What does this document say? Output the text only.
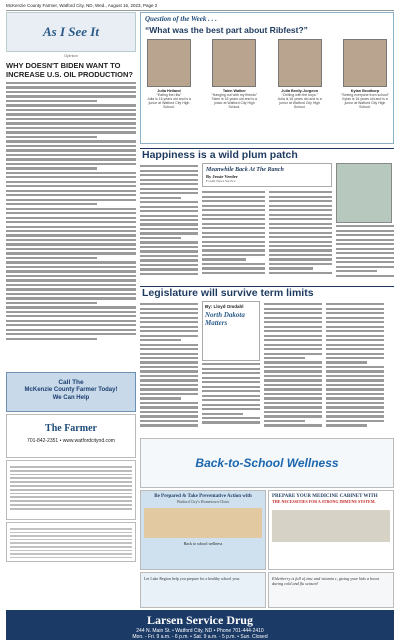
McKenzie County Farmer, Watford City, ND, Wed., August 16, 2023, Page 2
As I See It
Opinion
WHY DOESN'T BIDEN WANT TO INCREASE U.S. OIL PRODUCTION?
Call The
McKenzie County Farmer Today!
We Can Help
The Farmer
701-842-2351 • www.watfordcitynd.com
Question of the Week . . .
“What was the best part about Ribfest?”
Julia Heiland
“Eating the ribs”
Julia is 16 years old and is a junior at Watford City High School.
Talen Walker
“Hanging out with my friends”
Talen is 16 years old and is a junior at Watford City High School.
Julia Brolly-Jorgeon
“Chilling with the boys.”
Julia is 16 years old and is a junior at Watford City High School.
Kylan Brodkorp
“Seeing everyone from school”
Kylan is 16 years old and is a junior at Watford City High School.
Happiness is a wild plum patch
Meanwhile Back At The Ranch
By Jessie Veeder
Forum News Service
Legislature will survive term limits
By: Lloyd Omdahl
North Dakota Matters
Back-to-School Wellness
Be Prepared & Take Preventative Action with
Watford City's Hometown Clinic
Back to school wellness
PREPARE YOUR MEDICINE CABINET WITH
THE NECESSITIES FOR A STRONG IMMUNE SYSTEM.
Let Lake Region help you prepare for a healthy school year.	Elderberry is full of zinc and vitamin c, giving your kids a boost during cold and flu season!
Larsen Service Drug
244 N. Main St. • Watford City, ND • Phone 701-444-2410
Mon. - Fri. 9 a.m. - 6 p.m. • Sat. 9 a.m. - 5 p.m. • Sun. Closed
